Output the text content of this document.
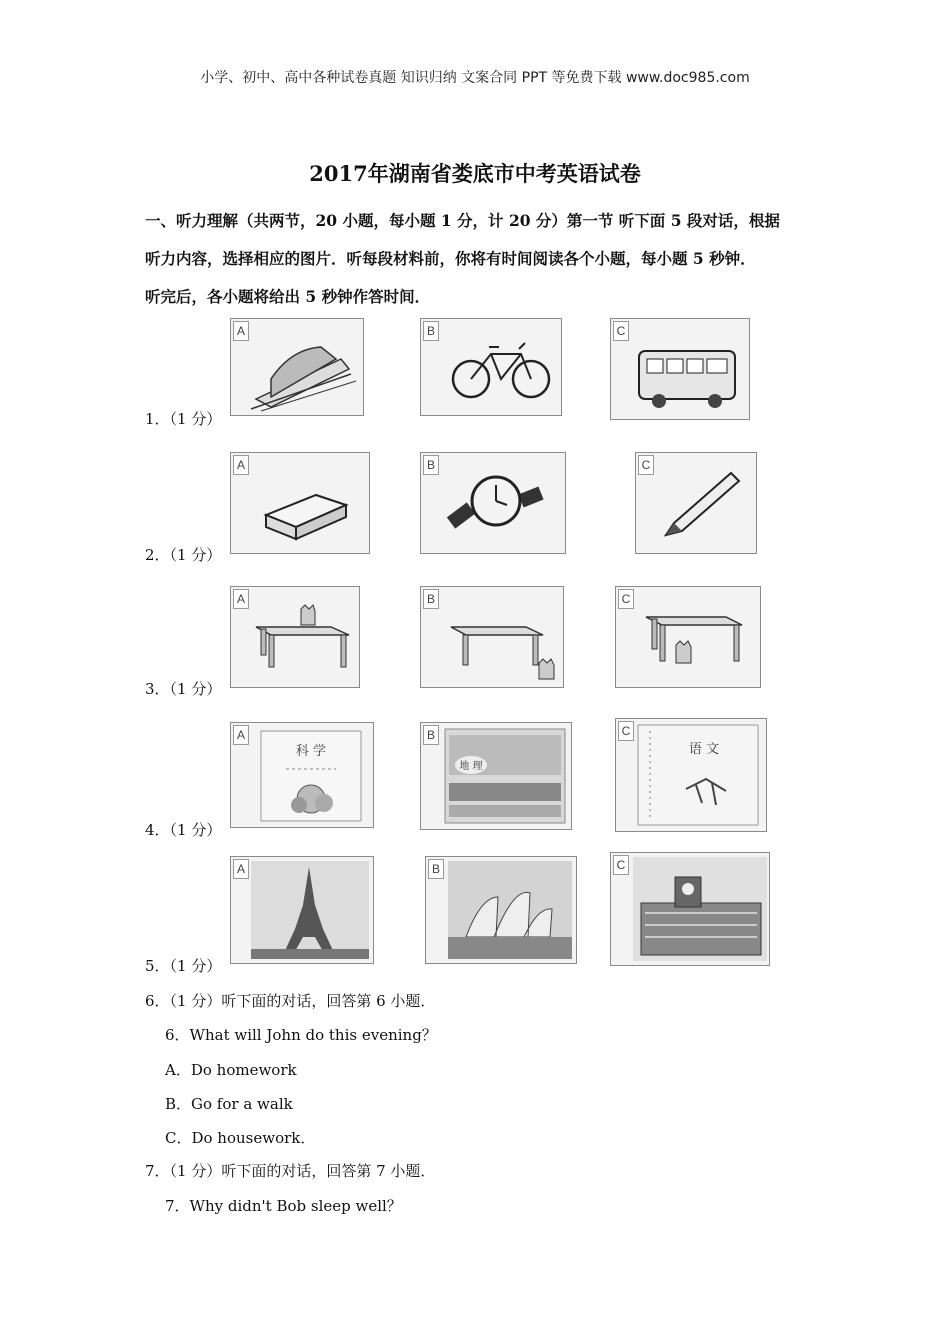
小学、初中、高中各种试卷真题 知识归纳 文案合同 PPT 等免费下载 www.doc985.com
2017年湖南省娄底市中考英语试卷
一、听力理解（共两节，20 小题，每小题 1 分，计 20 分）第一节 听下面 5 段对话，根据
听力内容，选择相应的图片．听每段材料前，你将有时间阅读各个小题，每小题 5 秒钟．
听完后，各小题将给出 5 秒钟作答时间．
1．（1 分）
A	B	C
2．（1 分）
A	B	C
3．（1 分）
A	B	C
4．（1 分）
A
科 学
B
地 理
C
语 文
5．（1 分）
A	B	C
6．（1 分）听下面的对话，回答第 6 小题．
6．What will John do this evening？
A．Do homework
B．Go for a walk
C．Do housework．
7．（1 分）听下面的对话，回答第 7 小题．
7．Why didn't Bob sleep well？
